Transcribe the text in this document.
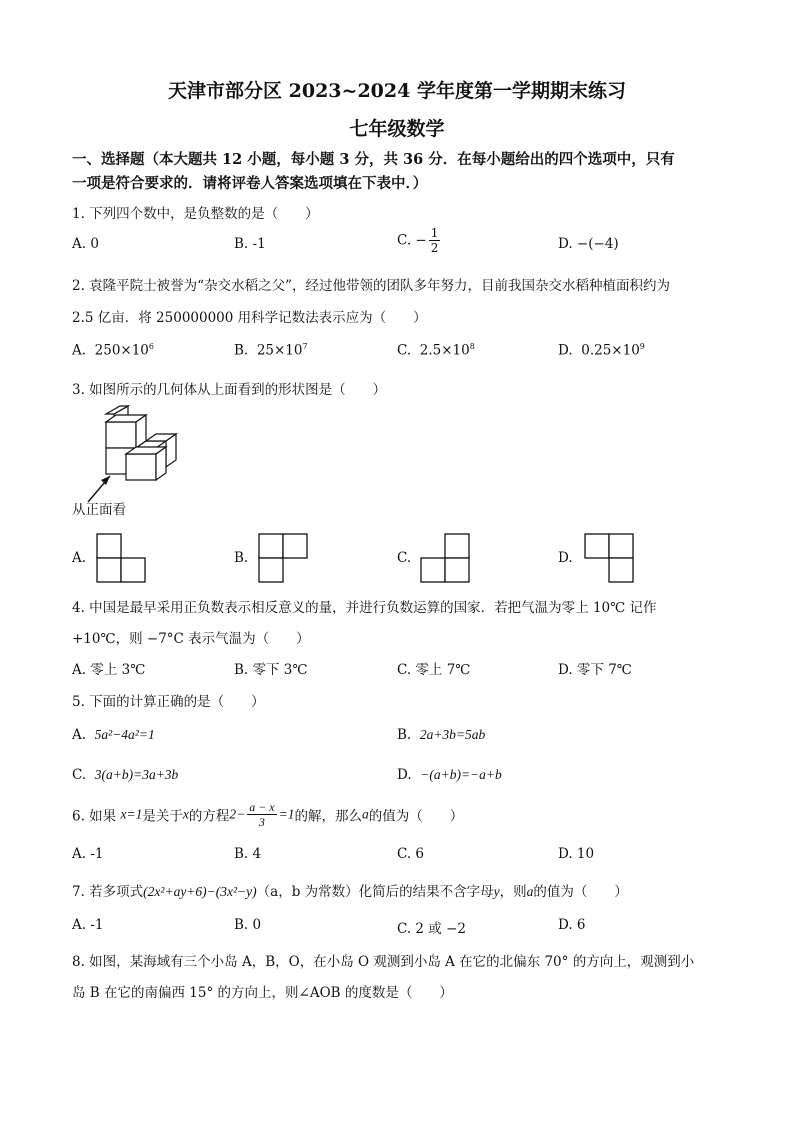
天津市部分区 2023~2024 学年度第一学期期末练习
七年级数学
一、选择题（本大题共 12 小题，每小题 3 分，共 36 分．在每小题给出的四个选项中，只有
一项是符合要求的．请将评卷人答案选项填在下表中．）
1. 下列四个数中，是负整数的是（　　）
A. 0	B. -1	C. − $\frac{1}{2}$	D. −(−4)
2. 袁隆平院士被誉为“杂交水稻之父”，经过他带领的团队多年努力，目前我国杂交水稻种植面积约为
2.5 亿亩．将 250000000 用科学记数法表示应为（　　）
A. $250\times 10^6$	B. $25\times 10^7$	C. $2.5\times 10^8$	D. $0.25\times 10^9$
3. 如图所示的几何体从上面看到的形状图是（　　）
从正面看
A.	B.	C.	D.
4. 中国是最早采用正负数表示相反意义的量，并进行负数运算的国家．若把气温为零上 10℃ 记作
+10℃，则 −7°C 表示气温为（　　）
A. 零上 3℃	B. 零下 3℃	C. 零上 7℃	D. 零下 7℃
5. 下面的计算正确的是（　　）
A. 5a²−4a²=1	B. 2a+3b=5ab
C. 3(a+b)=3a+3b	D. −(a+b)=−a+b
6. 如果 x=1是关于x的方程$2- \frac{a - x}{3} =1$的解，那么a的值为（　　）
A. -1	B. 4	C. 6	D. 10
7. 若多项式(2x²+ay+6)−(3x²−y)（a，b 为常数）化简后的结果不含字母y，则a的值为（　　）
A. -1	B. 0	C. 2 或 −2	D. 6
8. 如图，某海域有三个小岛 A，B，O，在小岛 O 观测到小岛 A 在它的北偏东 70° 的方向上，观测到小
岛 B 在它的南偏西 15° 的方向上，则∠AOB 的度数是（　　）
